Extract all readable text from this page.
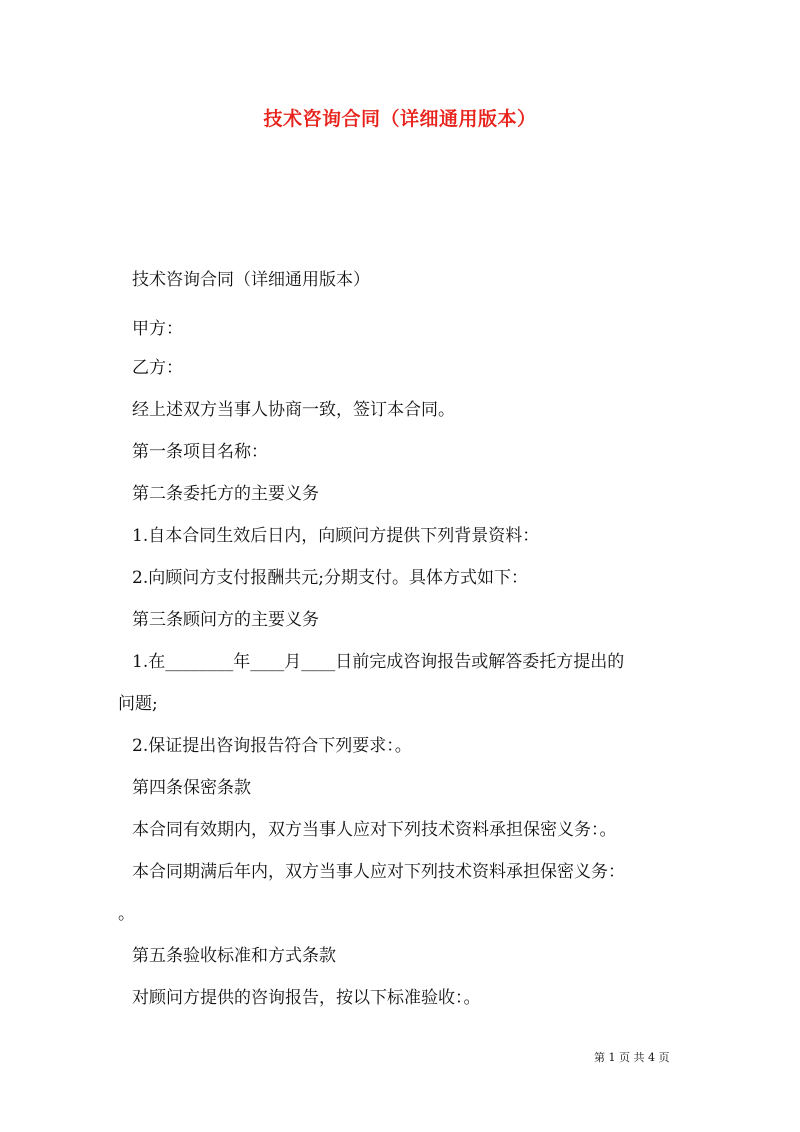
技术咨询合同（详细通用版本）
技术咨询合同（详细通用版本）
甲方：
乙方：
经上述双方当事人协商一致，签订本合同。
第一条项目名称：
第二条委托方的主要义务
1.自本合同生效后日内，向顾问方提供下列背景资料：
2.向顾问方支付报酬共元;分期支付。具体方式如下：
第三条顾问方的主要义务
1.在________年____月____日前完成咨询报告或解答委托方提出的
问题;
2.保证提出咨询报告符合下列要求：。
第四条保密条款
本合同有效期内，双方当事人应对下列技术资料承担保密义务：。
本合同期满后年内，双方当事人应对下列技术资料承担保密义务：
。
第五条验收标准和方式条款
对顾问方提供的咨询报告，按以下标准验收：。
第 1 页 共 4 页
